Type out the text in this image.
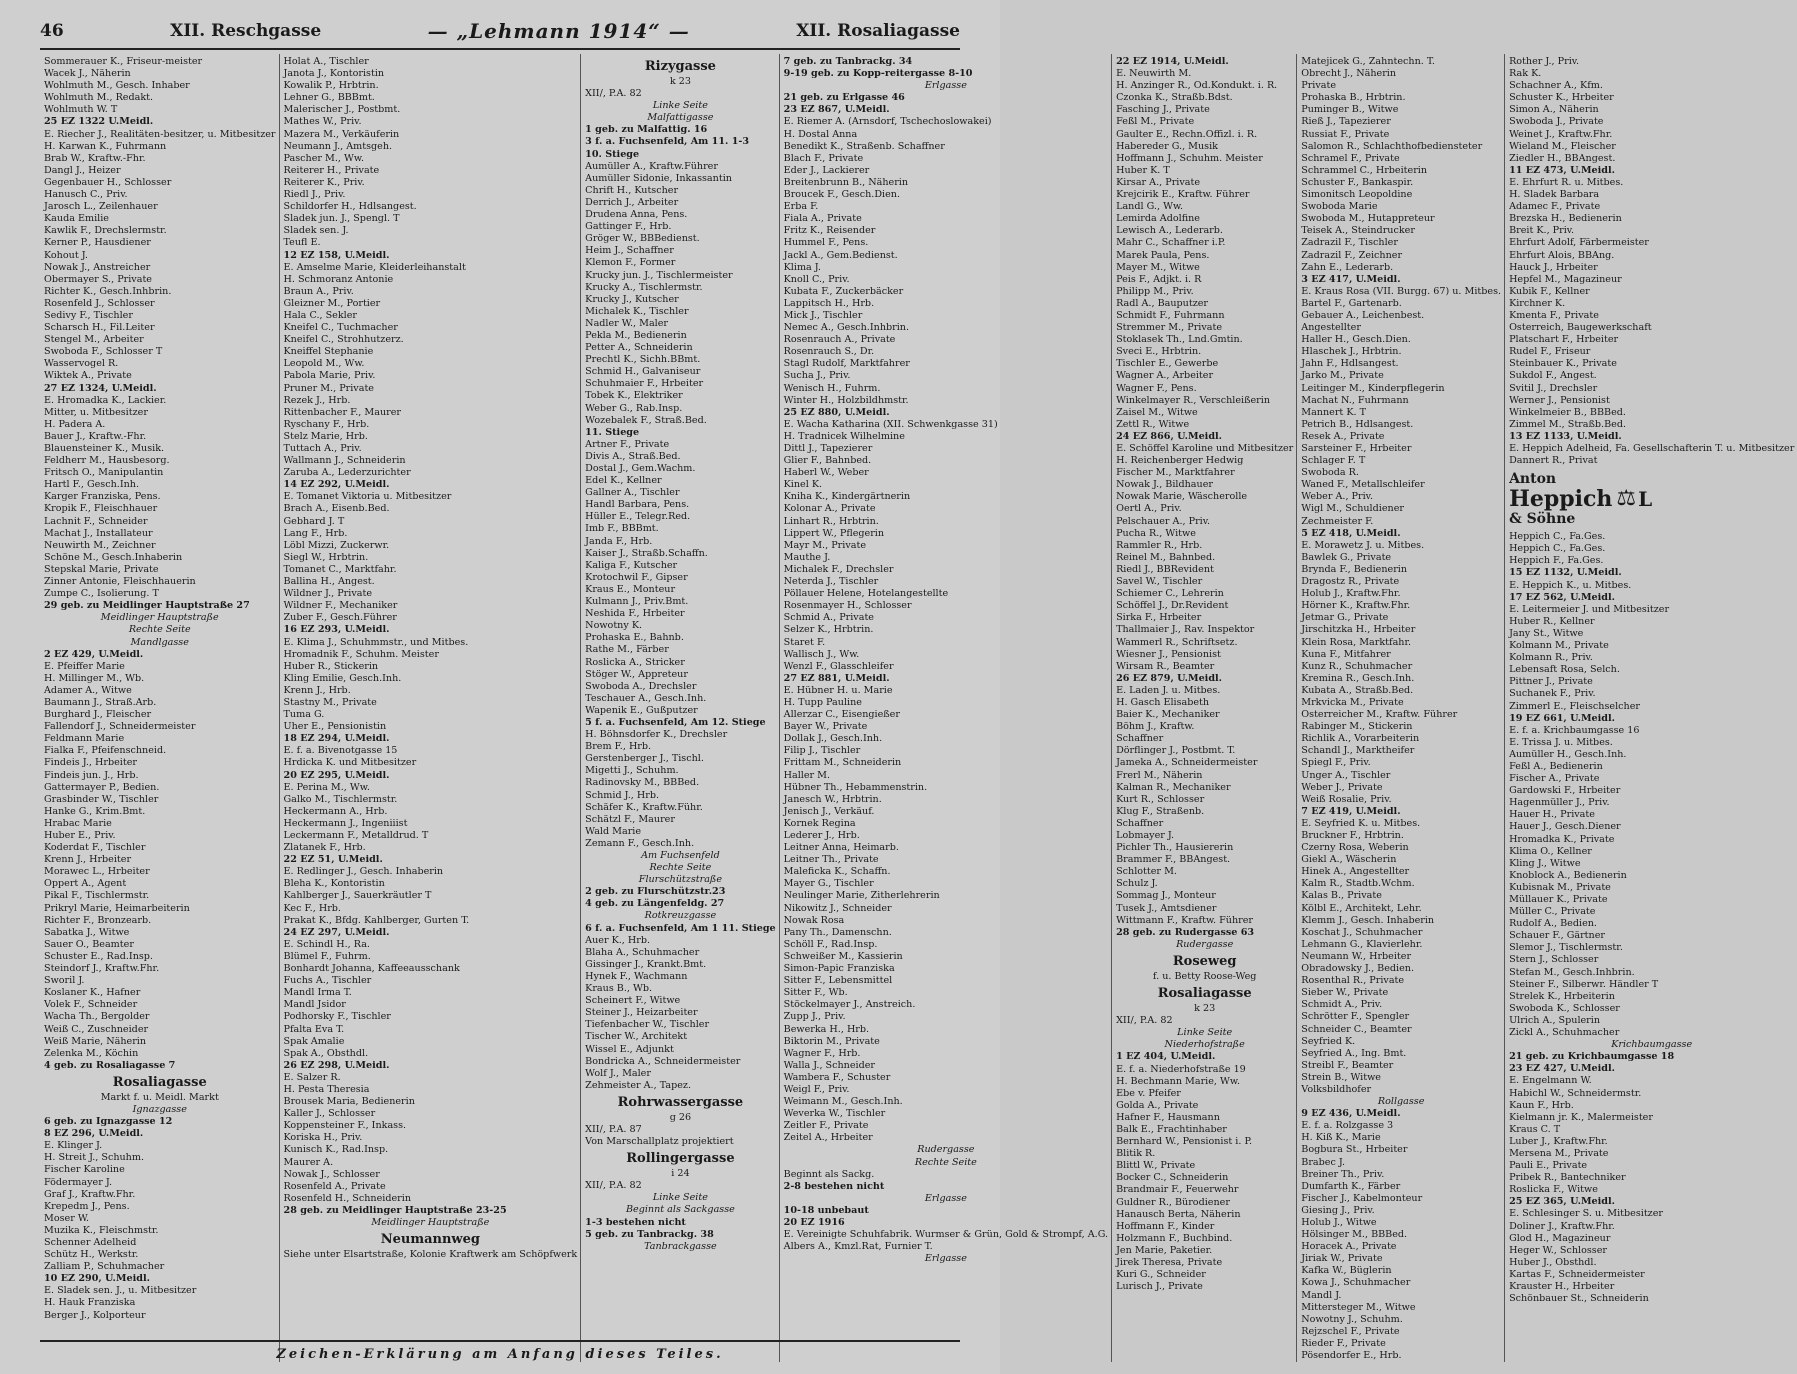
46	XII. Reschgasse	— „Lehmann 1914“ —	XII. Rosaliagasse
Sommerauer K., Friseur-meister
Wacek J., Näherin
Wohlmuth M., Gesch. Inhaber
Wohlmuth M., Redakt.
Wohlmuth W. T
25 EZ 1322 U.Meidl.
E. Riecher J., Realitäten-besitzer, u. Mitbesitzer
H. Karwan K., Fuhrmann
Brab W., Kraftw.-Fhr.
Dangl J., Heizer
Gegenbauer H., Schlosser
Hanusch C., Priv.
Jarosch L., Zeilenhauer
Kauda Emilie
Kawlik F., Drechslermstr.
Kerner P., Hausdiener
Kohout J.
Nowak J., Anstreicher
Obermayer S., Private
Richter K., Gesch.Inhbrin.
Rosenfeld J., Schlosser
Sedivy F., Tischler
Scharsch H., Fil.Leiter
Stengel M., Arbeiter
Swoboda F., Schlosser T
Wasservogel R.
Wiktek A., Private
27 EZ 1324, U.Meidl.
E. Hromadka K., Lackier.
Mitter, u. Mitbesitzer
H. Padera A.
Bauer J., Kraftw.-Fhr.
Blauensteiner K., Musik.
Feldherr M., Hausbesorg.
Fritsch O., Manipulantin
Hartl F., Gesch.Inh.
Karger Franziska, Pens.
Kropik F., Fleischhauer
Lachnit F., Schneider
Machat J., Installateur
Neuwirth M., Zeichner
Schöne M., Gesch.Inhaberin
Stepskal Marie, Private
Zinner Antonie, Fleischhauerin
Zumpe C., Isolierung. T
29 geb. zu Meidlinger Hauptstraße 27
Meidlinger Hauptstraße
Rechte Seite
Mandlgasse
2 EZ 429, U.Meidl.
E. Pfeiffer Marie
H. Millinger M., Wb.
Adamer A., Witwe
Baumann J., Straß.Arb.
Burghard J., Fleischer
Fallendorf J., Schneidermeister
Feldmann Marie
Fialka F., Pfeifenschneid.
Findeis J., Hrbeiter
Findeis jun. J., Hrb.
Gattermayer P., Bedien.
Grasbinder W., Tischler
Hanke G., Krim.Bmt.
Hrabac Marie
Huber E., Priv.
Koderdat F., Tischler
Krenn J., Hrbeiter
Morawec L., Hrbeiter
Oppert A., Agent
Pikal F., Tischlermstr.
Prikryl Marie, Heimarbeiterin
Richter F., Bronzearb.
Sabatka J., Witwe
Sauer O., Beamter
Schuster E., Rad.Insp.
Steindorf J., Kraftw.Fhr.
Sworil J.
Koslaner K., Hafner
Volek F., Schneider
Wacha Th., Bergolder
Weiß C., Zuschneider
Weiß Marie, Näherin
Zelenka M., Köchin
4 geb. zu Rosaliagasse 7
Rosaliagasse
Markt f. u. Meidl. Markt
Ignazgasse
6 geb. zu Ignazgasse 12
8 EZ 296, U.Meidl.
E. Klinger J.
H. Streit J., Schuhm.
Fischer Karoline
Födermayer J.
Graf J., Kraftw.Fhr.
Krepedm J., Pens.
Moser W.
Muzika K., Fleischmstr.
Schenner Adelheid
Schütz H., Werkstr.
Zalliam P., Schuhmacher
10 EZ 290, U.Meidl.
E. Sladek sen. J., u. Mitbesitzer
H. Hauk Franziska
Berger J., Kolporteur
Holat A., Tischler
Janota J., Kontoristin
Kowalik P., Hrbtrin.
Lehner G., BBBmt.
Malerischer J., Postbmt.
Mathes W., Priv.
Mazera M., Verkäuferin
Neumann J., Amtsgeh.
Pascher M., Ww.
Reiterer H., Private
Reiterer K., Priv.
Riedl J., Priv.
Schildorfer H., Hdlsangest.
Sladek jun. J., Spengl. T
Sladek sen. J.
Teufl E.
12 EZ 158, U.Meidl.
E. Amselme Marie, Kleiderleihanstalt
H. Schmoranz Antonie
Braun A., Priv.
Gleizner M., Portier
Hala C., Sekler
Kneifel C., Tuchmacher
Kneifel C., Strohhutzerz.
Kneiffel Stephanie
Leopold M., Ww.
Pabola Marie, Priv.
Pruner M., Private
Rezek J., Hrb.
Rittenbacher F., Maurer
Ryschany F., Hrb.
Stelz Marie, Hrb.
Tuttach A., Priv.
Wallmann J., Schneiderin
Zaruba A., Lederzurichter
14 EZ 292, U.Meidl.
E. Tomanet Viktoria u. Mitbesitzer
Brach A., Eisenb.Bed.
Gebhard J. T
Lang F., Hrb.
Löbl Mizzi, Zuckerwr.
Siegl W., Hrbtrin.
Tomanet C., Marktfahr.
Ballina H., Angest.
Wildner J., Private
Wildner F., Mechaniker
Zuber F., Gesch.Führer
16 EZ 293, U.Meidl.
E. Klima J., Schuhmmstr., und Mitbes.
Hromadnik F., Schuhm. Meister
Huber R., Stickerin
Kling Emilie, Gesch.Inh.
Krenn J., Hrb.
Stastny M., Private
Tuma G.
Uher E., Pensionistin
18 EZ 294, U.Meidl.
E. f. a. Bivenotgasse 15
Hrdicka K. und Mitbesitzer
20 EZ 295, U.Meidl.
E. Perina M., Ww.
Galko M., Tischlermstr.
Heckermann A., Hrb.
Heckermann J., Ingeniiist
Leckermann F., Metalldrud. T
Zlatanek F., Hrb.
22 EZ 51, U.Meidl.
E. Redlinger J., Gesch. Inhaberin
Bleha K., Kontoristin
Kahlberger J., Sauerkräutler T
Kec F., Hrb.
Prakat K., Bfdg. Kahlberger, Gurten T.
24 EZ 297, U.Meidl.
E. Schindl H., Ra.
Blümel F., Fuhrm.
Bonhardt Johanna, Kaffeeausschank
Fuchs A., Tischler
Mandl Irma T.
Mandl Jsidor
Podhorsky F., Tischler
Pfalta Eva T.
Spak Amalie
Spak A., Obsthdl.
26 EZ 298, U.Meidl.
E. Salzer R.
H. Pesta Theresia
Brousek Maria, Bedienerin
Kaller J., Schlosser
Koppensteiner F., Inkass.
Koriska H., Priv.
Kunisch K., Rad.Insp.
Maurer A.
Nowak J., Schlosser
Rosenfeld A., Private
Rosenfeld H., Schneiderin
28 geb. zu Meidlinger Hauptstraße 23-25
Meidlinger Hauptstraße
Neumannweg
Siehe unter Elsartstraße, Kolonie Kraftwerk am Schöpfwerk
Rizygasse
k 23
XII/, P.A. 82
Linke Seite
Malfattigasse
1 geb. zu Malfattig. 16
3 f. a. Fuchsenfeld, Am 11. 1-3
10. Stiege
Aumüller A., Kraftw.Führer
Aumüller Sidonie, Inkassantin
Chrift H., Kutscher
Derrich J., Arbeiter
Drudena Anna, Pens.
Gattinger F., Hrb.
Gröger W., BBBedienst.
Heim J., Schaffner
Klemon F., Former
Krucky jun. J., Tischlermeister
Krucky A., Tischlermstr.
Krucky J., Kutscher
Michalek K., Tischler
Nadler W., Maler
Pekla M., Bedienerin
Petter A., Schneiderin
Prechtl K., Sichh.BBmt.
Schmid H., Galvaniseur
Schuhmaier F., Hrbeiter
Tobek K., Elektriker
Weber G., Rab.Insp.
Wozebalek F., Straß.Bed.
11. Stiege
Artner F., Private
Divis A., Straß.Bed.
Dostal J., Gem.Wachm.
Edel K., Kellner
Gallner A., Tischler
Handl Barbara, Pens.
Hüller E., Telegr.Red.
Imb F., BBBmt.
Janda F., Hrb.
Kaiser J., Straßb.Schaffn.
Kaliga F., Kutscher
Krotochwil F., Gipser
Kraus E., Monteur
Kulmann J., Priv.Bmt.
Neshida F., Hrbeiter
Nowotny K.
Prohaska E., Bahnb.
Rathe M., Färber
Roslicka A., Stricker
Stöger W., Appreteur
Swoboda A., Drechsler
Teschauer A., Gesch.Inh.
Wapenik E., Gußputzer
5 f. a. Fuchsenfeld, Am 12. Stiege
H. Böhnsdorfer K., Drechsler
Brem F., Hrb.
Gerstenberger J., Tischl.
Migetti J., Schuhm.
Radinovsky M., BBBed.
Schmid J., Hrb.
Schäfer K., Kraftw.Führ.
Schätzl F., Maurer
Wald Marie
Zemann F., Gesch.Inh.
Am Fuchsenfeld
Rechte Seite
Flurschützstraße
2 geb. zu Flurschützstr.23
4 geb. zu Längenfeldg. 27
Rotkreuzgasse
6 f. a. Fuchsenfeld, Am 1 11. Stiege
Auer K., Hrb.
Blaha A., Schuhmacher
Gissinger J., Krankt.Bmt.
Hynek F., Wachmann
Kraus B., Wb.
Scheinert F., Witwe
Steiner J., Heizarbeiter
Tiefenbacher W., Tischler
Tischer W., Architekt
Wissel E., Adjunkt
Bondricka A., Schneidermeister
Wolf J., Maler
Zehmeister A., Tapez.
Rohrwassergasse
g 26
XII/, P.A. 87
Von Marschallplatz projektiert
Rollingergasse
i 24
XII/, P.A. 82
Linke Seite
Beginnt als Sackgasse
1-3 bestehen nicht
5 geb. zu Tanbrackg. 38
Tanbrackgasse
7 geb. zu Tanbrackg. 34
9-19 geb. zu Kopp-reitergasse 8-10
Erlgasse
21 geb. zu Erlgasse 46
23 EZ 867, U.Meidl.
E. Riemer A. (Arnsdorf, Tschechoslowakei)
H. Dostal Anna
Benedikt K., Straßenb. Schaffner
Blach F., Private
Eder J., Lackierer
Breitenbrunn B., Näherin
Broucek F., Gesch.Dien.
Erba F.
Fiala A., Private
Fritz K., Reisender
Hummel F., Pens.
Jackl A., Gem.Bedienst.
Klima J.
Knoll C., Priv.
Kubata F., Zuckerbäcker
Lappitsch H., Hrb.
Mick J., Tischler
Nemec A., Gesch.Inhbrin.
Rosenrauch A., Private
Rosenrauch S., Dr.
Stagl Rudolf, Marktfahrer
Sucha J., Priv.
Wenisch H., Fuhrm.
Winter H., Holzbildhmstr.
25 EZ 880, U.Meidl.
E. Wacha Katharina (XII. Schwenkgasse 31)
H. Tradnicek Wilhelmine
Dittl J., Tapezierer
Glier F., Bahnbed.
Haberl W., Weber
Kinel K.
Kniha K., Kindergärtnerin
Kolonar A., Private
Linhart R., Hrbtrin.
Lippert W., Pflegerin
Mayr M., Private
Mauthe J.
Michalek F., Drechsler
Neterda J., Tischler
Pöllauer Helene, Hotelangestellte
Rosenmayer H., Schlosser
Schmid A., Private
Selzer K., Hrbtrin.
Staret F.
Wallisch J., Ww.
Wenzl F., Glasschleifer
27 EZ 881, U.Meidl.
E. Hübner H. u. Marie
H. Tupp Pauline
Allerzar C., Eisengießer
Bayer W., Private
Dollak J., Gesch.Inh.
Filip J., Tischler
Frittam M., Schneiderin
Haller M.
Hübner Th., Hebammenstrin.
Janesch W., Hrbtrin.
Jenisch J., Verkäuf.
Kornek Regina
Lederer J., Hrb.
Leitner Anna, Heimarb.
Leitner Th., Private
Maleficka K., Schaffn.
Mayer G., Tischler
Neulinger Marie, Zitherlehrerin
Nikowitz J., Schneider
Nowak Rosa
Pany Th., Damenschn.
Schöll F., Rad.Insp.
Schweißer M., Kassierin
Simon-Papic Franziska
Sitter F., Lebensmittel
Sitter F., Wb.
Stöckelmayer J., Anstreich.
Zupp J., Priv.
Bewerka H., Hrb.
Biktorin M., Private
Wagner F., Hrb.
Walla J., Schneider
Wambera F., Schuster
Weigl F., Priv.
Weimann M., Gesch.Inh.
Weverka W., Tischler
Zeitler F., Private
Zeitel A., Hrbeiter
Rudergasse
Rechte Seite
Beginnt als Sackg.
2-8 bestehen nicht
Erlgasse
10-18 unbebaut
20 EZ 1916
E. Vereinigte Schuhfabrik. Wurmser & Grün, Gold & Strompf, A.G.
Albers A., Kmzl.Rat, Furnier T.
Erlgasse
22 EZ 1914, U.Meidl.
E. Neuwirth M.
H. Anzinger R., Od.Kondukt. i. R.
Czonka K., Straßb.Bdst.
Fasching J., Private
Feßl M., Private
Gaulter E., Rechn.Offizl. i. R.
Habereder G., Musik
Hoffmann J., Schuhm. Meister
Huber K. T
Kirsar A., Private
Krejcirik E., Kraftw. Führer
Landl G., Ww.
Lemirda Adolfine
Lewisch A., Lederarb.
Mahr C., Schaffner i.P.
Marek Paula, Pens.
Mayer M., Witwe
Peis F., Adjkt. i. R
Philipp M., Priv.
Radl A., Bauputzer
Schmidt F., Fuhrmann
Stremmer M., Private
Stoklasek Th., Lnd.Gmtin.
Sveci E., Hrbtrin.
Tischler E., Gewerbe
Wagner A., Arbeiter
Wagner F., Pens.
Winkelmayer R., Verschleißerin
Zaisel M., Witwe
Zettl R., Witwe
24 EZ 866, U.Meidl.
E. Schöffel Karoline und Mitbesitzer
H. Reichenberger Hedwig
Fischer M., Marktfahrer
Nowak J., Bildhauer
Nowak Marie, Wäscherolle
Oertl A., Priv.
Pelschauer A., Priv.
Pucha R., Witwe
Rammler R., Hrb.
Reinel M., Bahnbed.
Riedl J., BBRevident
Savel W., Tischler
Schiemer C., Lehrerin
Schöffel J., Dr.Revident
Sirka F., Hrbeiter
Thallmaier J., Rav. Inspektor
Wammerl R., Schriftsetz.
Wiesner J., Pensionist
Wirsam R., Beamter
26 EZ 879, U.Meidl.
E. Laden J. u. Mitbes.
H. Gasch Elisabeth
Baier K., Mechaniker
Böhm J., Kraftw.
Schaffner
Dörflinger J., Postbmt. T.
Jameka A., Schneidermeister
Frerl M., Näherin
Kalman R., Mechaniker
Kurt R., Schlosser
Klug F., Straßenb.
Schaffner
Lobmayer J.
Pichler Th., Hausiererin
Brammer F., BBAngest.
Schlotter M.
Schulz J.
Sommag J., Monteur
Tusek J., Amtsdiener
Wittmann F., Kraftw. Führer
28 geb. zu Rudergasse 63
Rudergasse
Roseweg
f. u. Betty Roose-Weg
Rosaliagasse
k 23
XII/, P.A. 82
Linke Seite
Niederhofstraße
1 EZ 404, U.Meidl.
E. f. a. Niederhofstraße 19
H. Bechmann Marie, Ww.
Ebe v. Pfeifer
Golda A., Private
Hafner F., Hausmann
Balk E., Frachtinhaber
Bernhard W., Pensionist i. P.
Blitik R.
Blittl W., Private
Bocker C., Schneiderin
Brandmair F., Feuerwehr
Guldner R., Bürodiener
Hanausch Berta, Näherin
Hoffmann F., Kinder
Holzmann F., Buchbind.
Jen Marie, Paketier.
Jirek Theresa, Private
Kuri G., Schneider
Lurisch J., Private
Matejicek G., Zahntechn. T.
Obrecht J., Näherin
Private
Prohaska B., Hrbtrin.
Puminger B., Witwe
Rieß J., Tapezierer
Russiat F., Private
Salomon R., Schlachthofbediensteter
Schramel F., Private
Schrammel C., Hrbeiterin
Schuster F., Bankaspir.
Simonitsch Leopoldine
Swoboda Marie
Swoboda M., Hutappreteur
Teisek A., Steindrucker
Zadrazil F., Tischler
Zadrazil F., Zeichner
Zahn E., Lederarb.
3 EZ 417, U.Meidl.
E. Kraus Rosa (VII. Burgg. 67) u. Mitbes.
Bartel F., Gartenarb.
Gebauer A., Leichenbest.
Angestellter
Haller H., Gesch.Dien.
Hlaschek J., Hrbtrin.
Jahn F., Hdlsangest.
Jarko M., Private
Leitinger M., Kinderpflegerin
Machat N., Fuhrmann
Mannert K. T
Petrich B., Hdlsangest.
Resek A., Private
Sarsteiner F., Hrbeiter
Schlager F. T
Swoboda R.
Waned F., Metallschleifer
Weber A., Priv.
Wigl M., Schuldiener
Zechmeister F.
5 EZ 418, U.Meidl.
E. Morawetz J. u. Mitbes.
Bawlek G., Private
Brynda F., Bedienerin
Dragostz R., Private
Holub J., Kraftw.Fhr.
Hörner K., Kraftw.Fhr.
Jetmar G., Private
Jirschitzka H., Hrbeiter
Klein Rosa, Marktfahr.
Kuna F., Mitfahrer
Kunz R., Schuhmacher
Kremina R., Gesch.Inh.
Kubata A., Straßb.Bed.
Mrkvicka M., Private
Osterreicher M., Kraftw. Führer
Rabinger M., Stickerin
Richlik A., Vorarbeiterin
Schandl J., Marktheifer
Spiegl F., Priv.
Unger A., Tischler
Weber J., Private
Weiß Rosalie, Priv.
7 EZ 419, U.Meidl.
E. Seyfried K. u. Mitbes.
Bruckner F., Hrbtrin.
Czerny Rosa, Weberin
Giekl A., Wäscherin
Hinek A., Angestellter
Kalm R., Stadtb.Wchm.
Kalas B., Private
Kölbl E., Architekt, Lehr.
Klemm J., Gesch. Inhaberin
Koschat J., Schuhmacher
Lehmann G., Klavierlehr.
Neumann W., Hrbeiter
Obradowsky J., Bedien.
Rosenthal R., Private
Sieber W., Private
Schmidt A., Priv.
Schrötter F., Spengler
Schneider C., Beamter
Seyfried K.
Seyfried A., Ing. Bmt.
Streibl F., Beamter
Strein B., Witwe
Volksbildhofer
Rollgasse
9 EZ 436, U.Meidl.
E. f. a. Rolzgasse 3
H. Kiß K., Marie
Bogbura St., Hrbeiter
Brabec J.
Breiner Th., Priv.
Dumfarth K., Färber
Fischer J., Kabelmonteur
Giesing J., Priv.
Holub J., Witwe
Hölsinger M., BBBed.
Horacek A., Private
Jiriak W., Private
Kafka W., Büglerin
Kowa J., Schuhmacher
Mandl J.
Mittersteger M., Witwe
Nowotny J., Schuhm.
Rejzschel F., Private
Rieder F., Private
Pösendorfer E., Hrb.
Rother J., Priv.
Rak K.
Schachner A., Kfm.
Schuster K., Hrbeiter
Simon A., Näherin
Swoboda J., Private
Weinet J., Kraftw.Fhr.
Wieland M., Fleischer
Ziedler H., BBAngest.
11 EZ 473, U.Meidl.
E. Ehrfurt R. u. Mitbes.
H. Sladek Barbara
Adamec F., Private
Brezska H., Bedienerin
Breit K., Priv.
Ehrfurt Adolf, Färbermeister
Ehrfurt Alois, BBAng.
Hauck J., Hrbeiter
Hepfel M., Magazineur
Kubik F., Kellner
Kirchner K.
Kmenta F., Private
Osterreich, Baugewerkschaft
Platschart F., Hrbeiter
Rudel F., Friseur
Steinbauer K., Private
Sukdol F., Angest.
Svitil J., Drechsler
Werner J., Pensionist
Winkelmeier B., BBBed.
Zimmel M., Straßb.Bed.
13 EZ 1133, U.Meidl.
E. Heppich Adelheid, Fa. Gesellschafterin T. u. Mitbesitzer
Dannert R., Privat
Anton
Heppich ⚖ L
& Söhne
Heppich C., Fa.Ges.
Heppich C., Fa.Ges.
Heppich F., Fa.Ges.
15 EZ 1132, U.Meidl.
E. Heppich K., u. Mitbes.
17 EZ 562, U.Meidl.
E. Leitermeier J. und Mitbesitzer
Huber R., Kellner
Jany St., Witwe
Kolmann M., Private
Kolmann R., Priv.
Lebensaft Rosa, Selch.
Pittner J., Private
Suchanek F., Priv.
Zimmerl E., Fleischselcher
19 EZ 661, U.Meidl.
E. f. a. Krichbaumgasse 16
E. Trissa J. u. Mitbes.
Aumüller H., Gesch.Inh.
Feßl A., Bedienerin
Fischer A., Private
Gardowski F., Hrbeiter
Hagenmüller J., Priv.
Hauer H., Private
Hauer J., Gesch.Diener
Hromadka K., Private
Klima O., Kellner
Kling J., Witwe
Knoblock A., Bedienerin
Kubisnak M., Private
Müllauer K., Private
Müller C., Private
Rudolf A., Bedien.
Schauer F., Gärtner
Slemor J., Tischlermstr.
Stern J., Schlosser
Stefan M., Gesch.Inhbrin.
Steiner F., Silberwr. Händler T
Strelek K., Hrbeiterin
Swoboda K., Schlosser
Ulrich A., Spulerin
Zickl A., Schuhmacher
Krichbaumgasse
21 geb. zu Krichbaumgasse 18
23 EZ 427, U.Meidl.
E. Engelmann W.
Habichl W., Schneidermstr.
Kaun F., Hrb.
Kielmann jr. K., Malermeister
Kraus C. T
Luber J., Kraftw.Fhr.
Mersena M., Private
Pauli E., Private
Pribek R., Bantechniker
Roslicka F., Witwe
25 EZ 365, U.Meidl.
E. Schlesinger S. u. Mitbesitzer
Doliner J., Kraftw.Fhr.
Glod H., Magazineur
Heger W., Schlosser
Huber J., Obsthdl.
Kartas F., Schneidermeister
Krauster H., Hrbeiter
Schönbauer St., Schneiderin
Zeichen-Erklärung am Anfang dieses Teiles.
